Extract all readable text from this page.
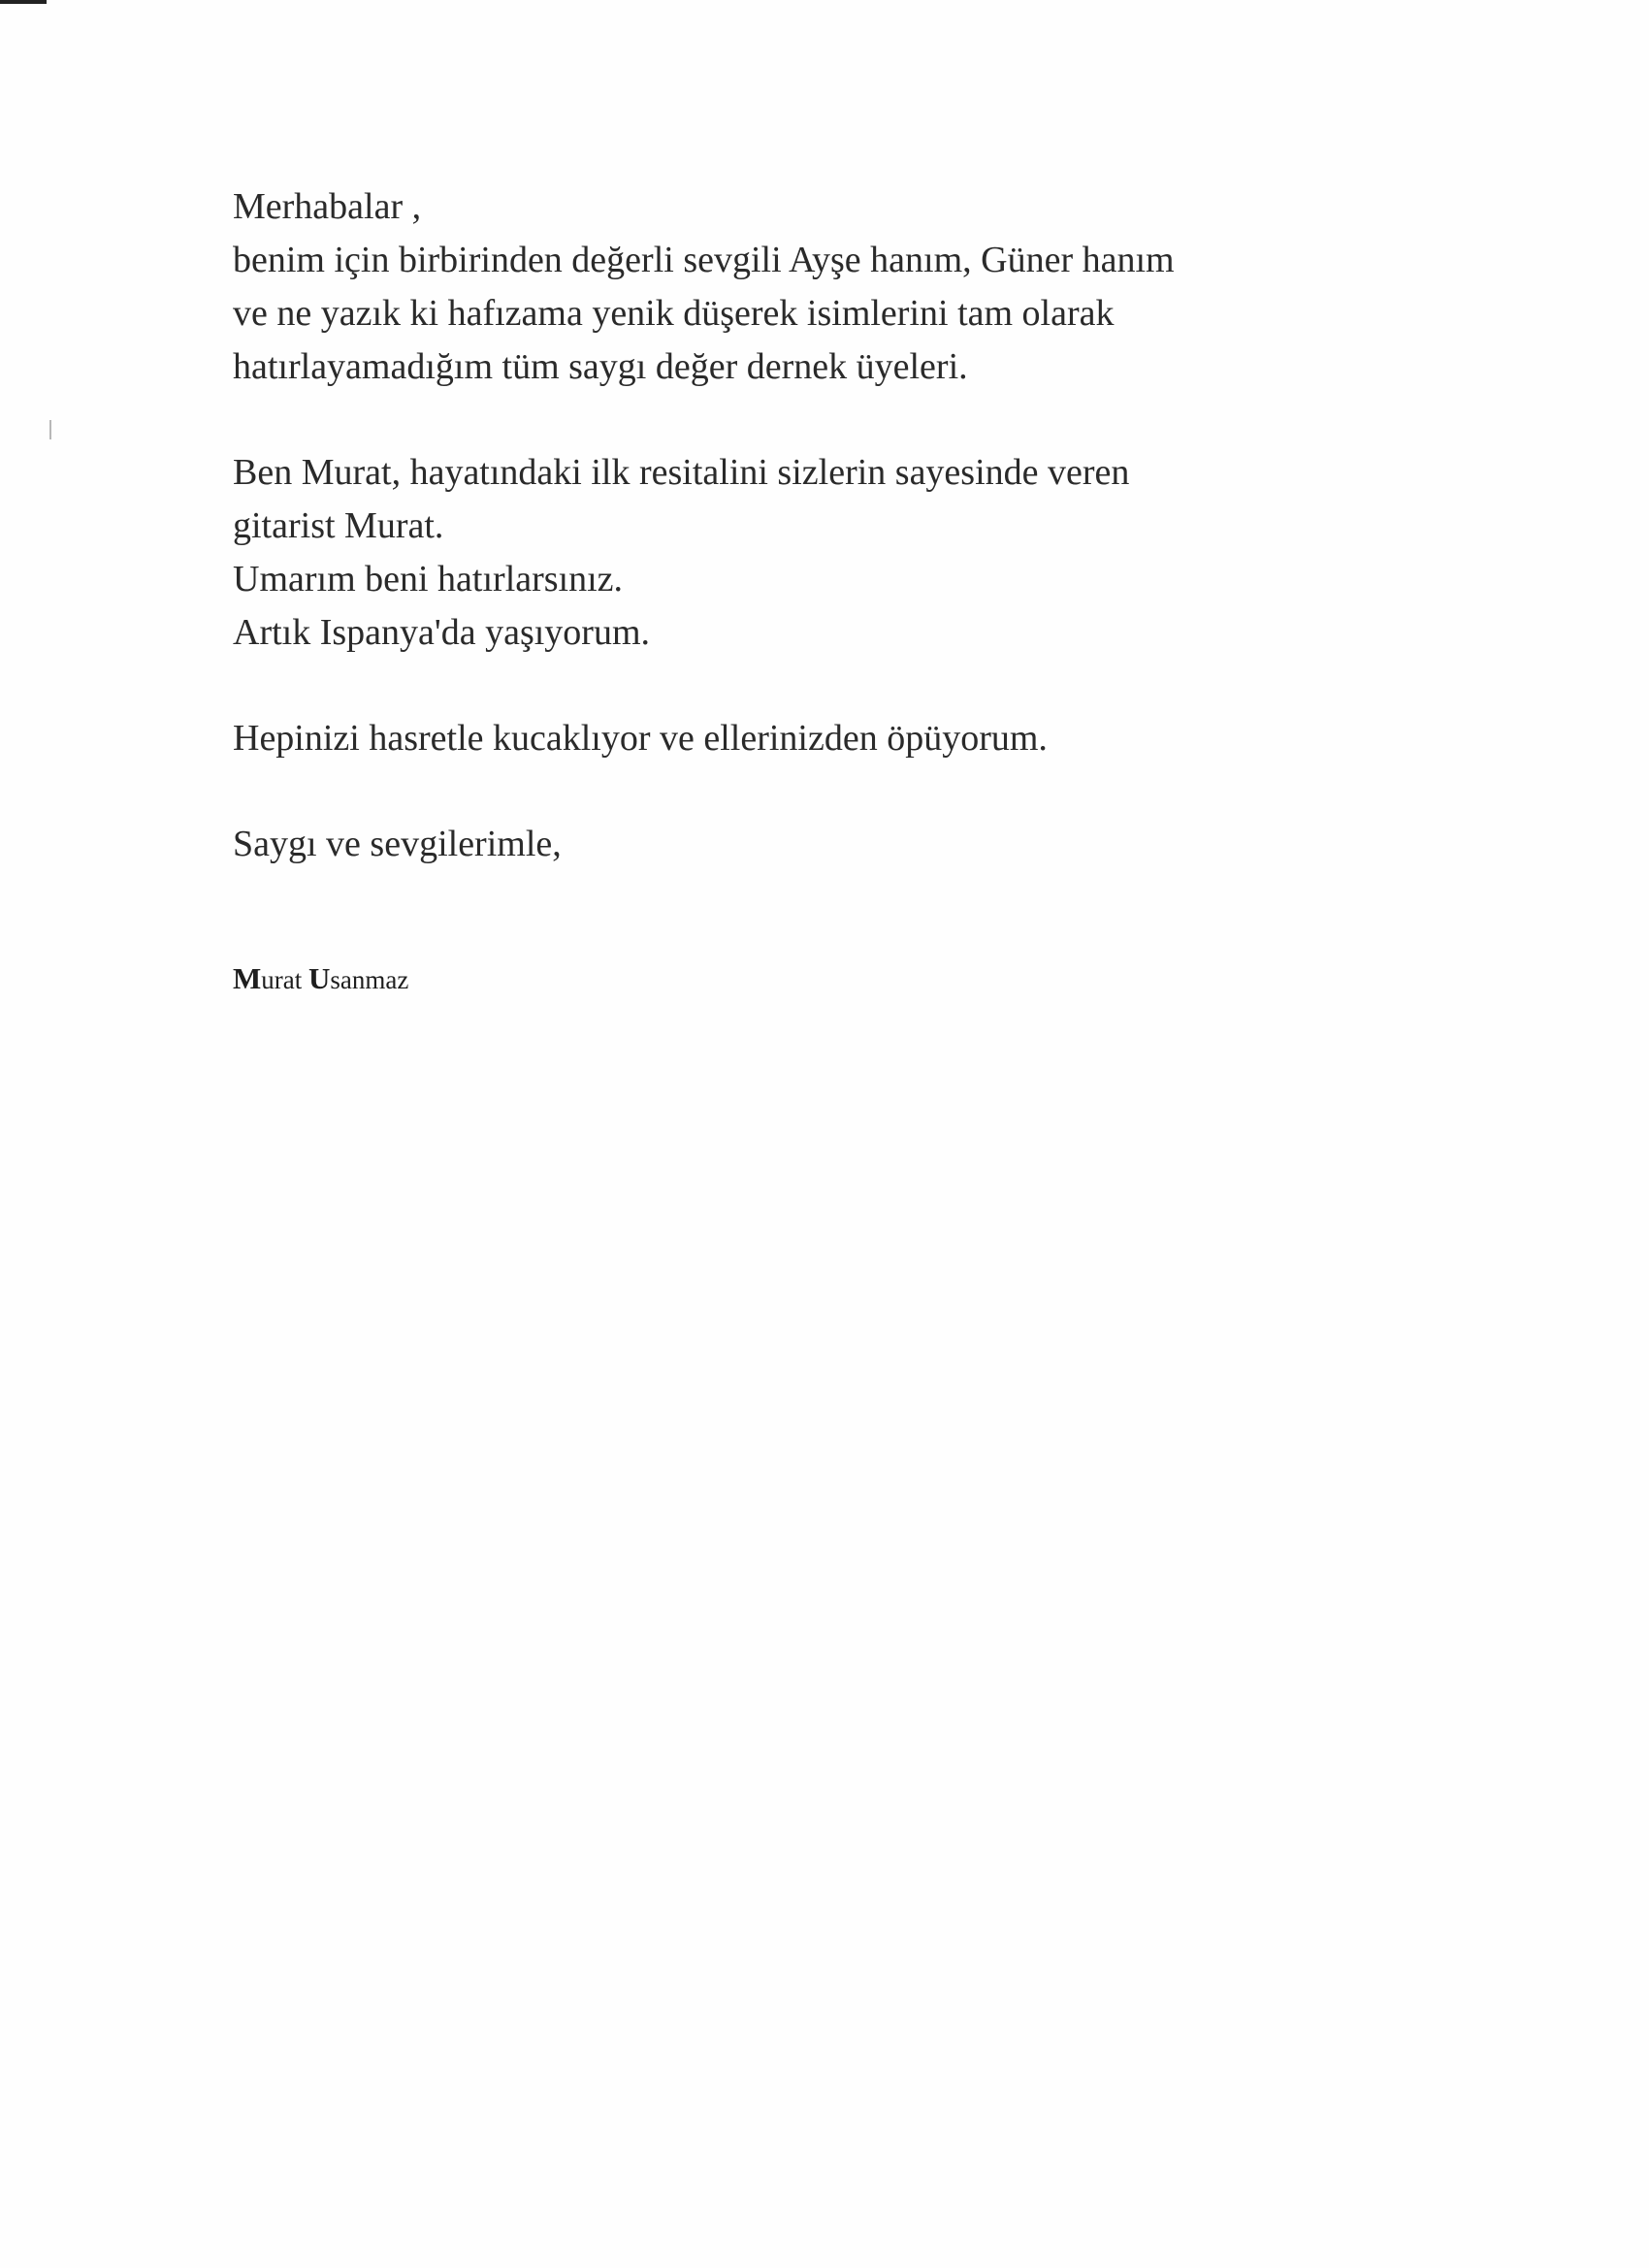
Merhabalar ,
benim için birbirinden değerli sevgili Ayşe hanım, Güner hanım
ve ne yazık ki hafızama yenik düşerek isimlerini tam olarak
hatırlayamadığım tüm saygı değer dernek üyeleri.
Ben Murat, hayatındaki ilk resitalini sizlerin sayesinde veren
gitarist Murat.
Umarım beni hatırlarsınız.
Artık Ispanya'da yaşıyorum.
Hepinizi hasretle kucaklıyor ve ellerinizden öpüyorum.
Saygı ve sevgilerimle,
Murat Usanmaz
